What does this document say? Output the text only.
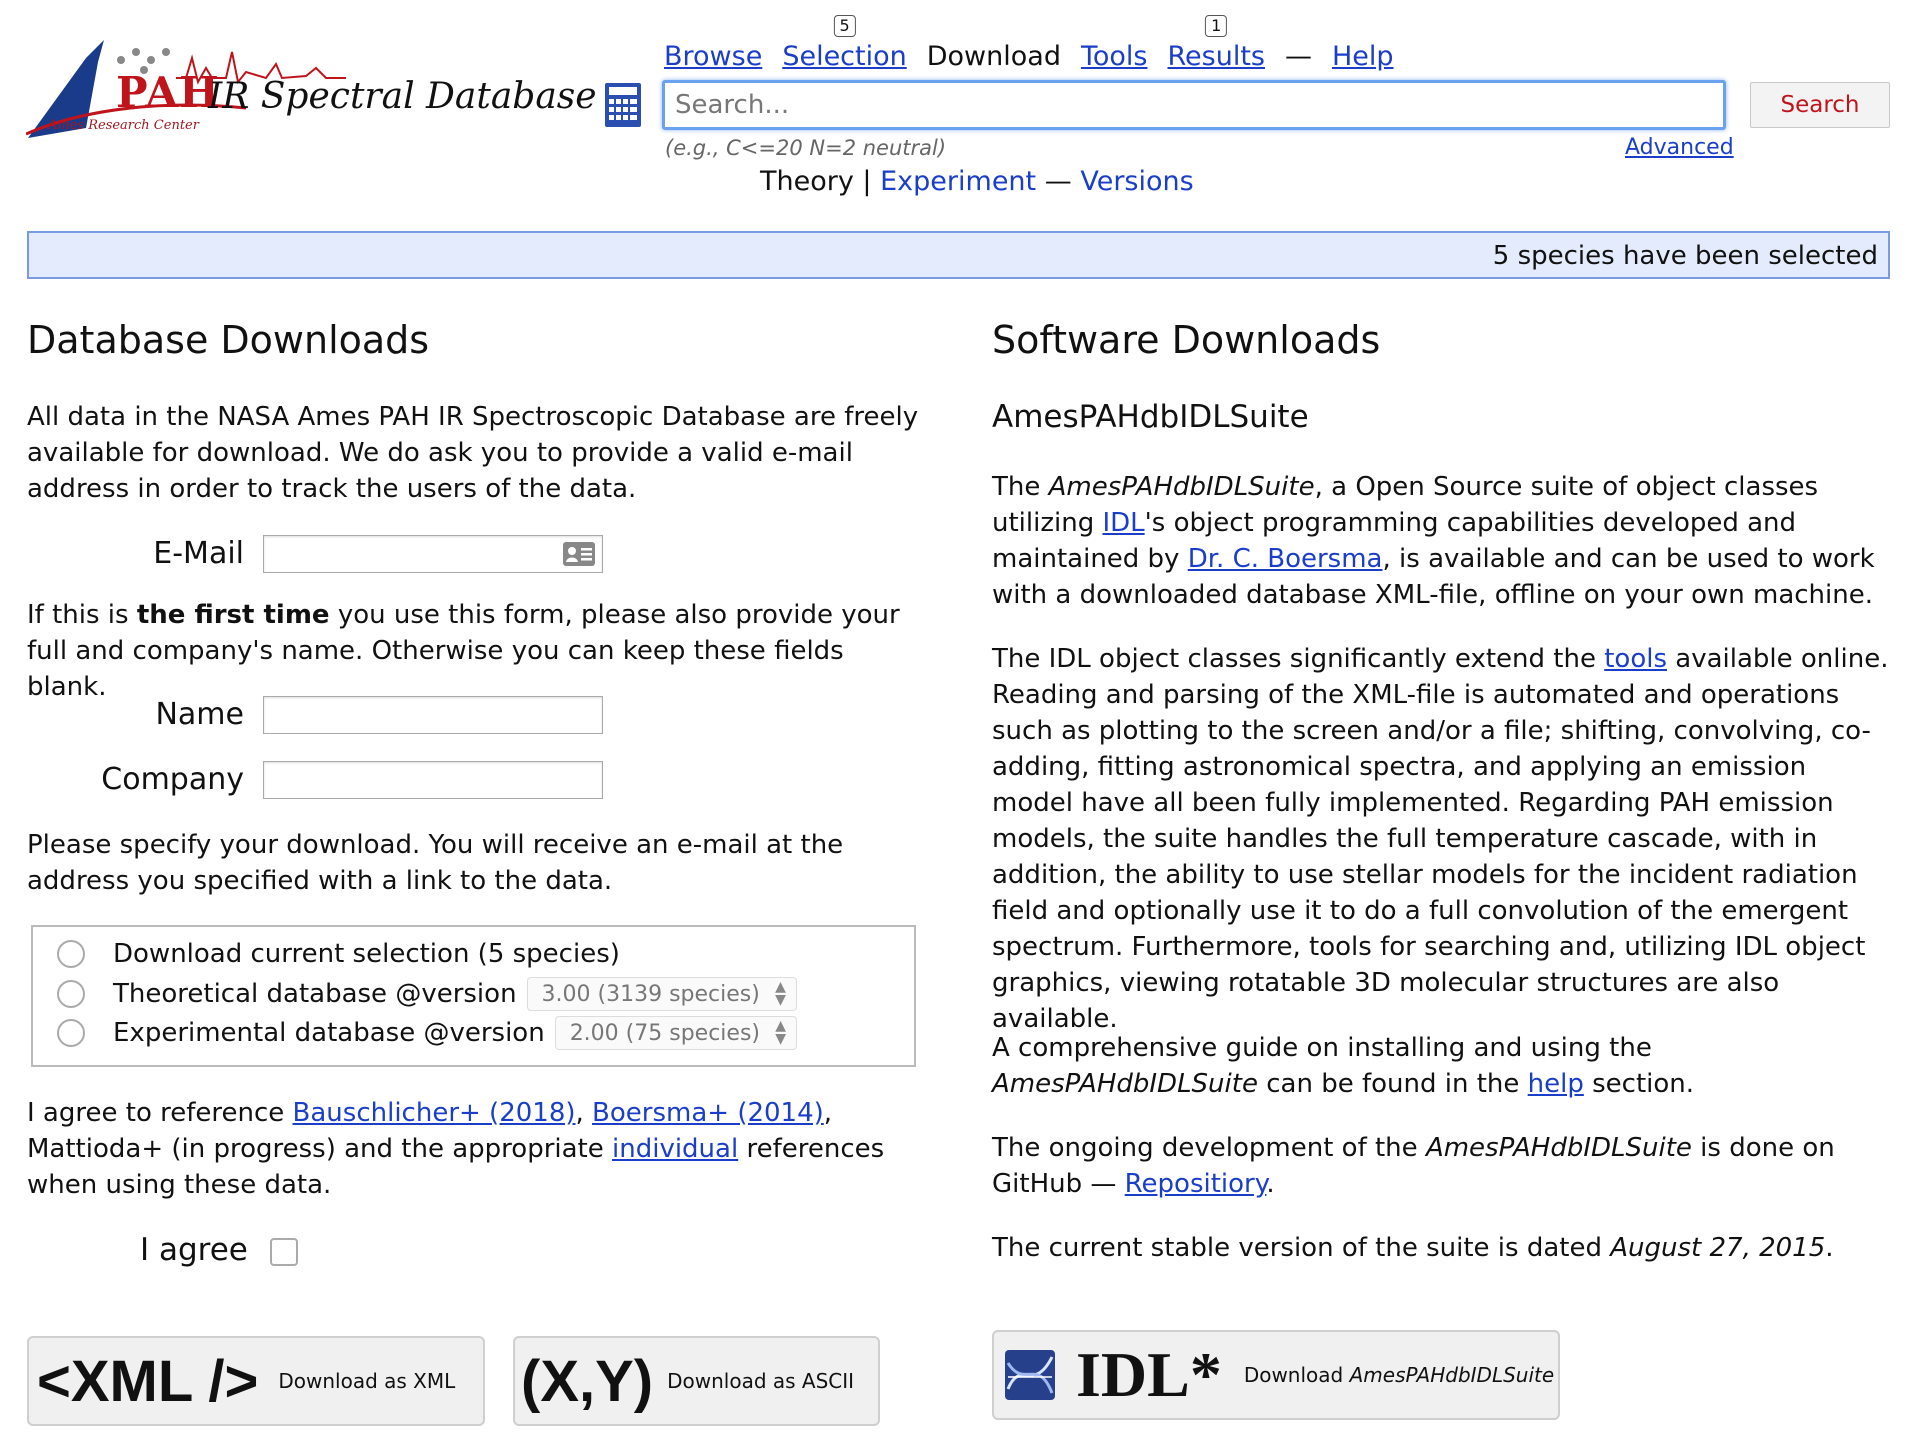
PAH
IR Spectral Database
Ames Research Center
Browse Selection
5
Download Tools Results
1
— Help
Search...
Search
(e.g., C<=20 N=2 neutral)	Advanced
Theory | Experiment — Versions
5 species have been selected
Database Downloads
All data in the NASA Ames PAH IR Spectroscopic Database are freely available for download. We do ask you to provide a valid e-mail address in order to track the users of the data.
E-Mail
If this is the first time you use this form, please also provide your full and company's name. Otherwise you can keep these fields blank.
Name
Company
Please specify your download. You will receive an e-mail at the address you specified with a link to the data.
Download current selection (5 species)
Theoretical database @version 3.00 (3139 species) ▲
▼
Experimental database @version 2.00 (75 species) ▲
▼
I agree to reference Bauschlicher+ (2018), Boersma+ (2014), Mattioda+ (in progress) and the appropriate individual references when using these data.
I agree
<XML /> Download as XML (X,Y) Download as ASCII
Software Downloads
AmesPAHdbIDLSuite
The AmesPAHdbIDLSuite, a Open Source suite of object classes utilizing IDL's object programming capabilities developed and maintained by Dr. C. Boersma, is available and can be used to work with a downloaded database XML-file, offline on your own machine.
The IDL object classes significantly extend the tools available online. Reading and parsing of the XML-file is automated and operations such as plotting to the screen and/or a file; shifting, convolving, co-adding, fitting astronomical spectra, and applying an emission model have all been fully implemented. Regarding PAH emission models, the suite handles the full temperature cascade, with in addition, the ability to use stellar models for the incident radiation field and optionally use it to do a full convolution of the emergent spectrum. Furthermore, tools for searching and, utilizing IDL object graphics, viewing rotatable 3D molecular structures are also available.
A comprehensive guide on installing and using the AmesPAHdbIDLSuite can be found in the help section.
The ongoing development of the AmesPAHdbIDLSuite is done on GitHub — Repositiory.
The current stable version of the suite is dated August 27, 2015.
IDL* Download AmesPAHdbIDLSuite
